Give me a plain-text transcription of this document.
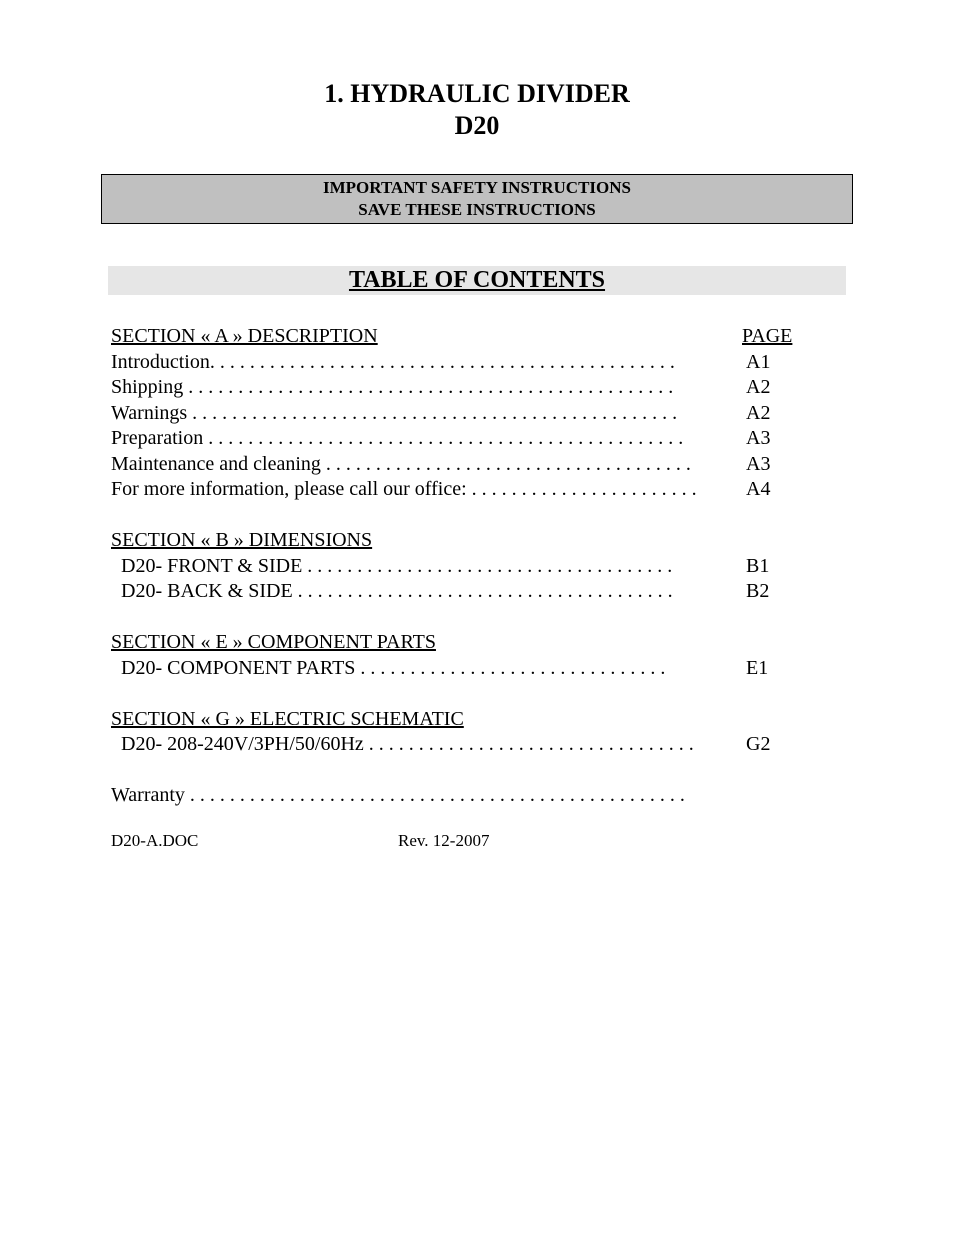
1. HYDRAULIC DIVIDER
D20
IMPORTANT SAFETY INSTRUCTIONS
SAVE THESE INSTRUCTIONS
TABLE OF CONTENTS
SECTION « A » DESCRIPTION	PAGE
Introduction. . . . . . . . . . . . . . . . . . . . . . . . . . . . . . . . . . . . . . . . . . . . . . .	A1
Shipping . . . . . . . . . . . . . . . . . . . . . . . . . . . . . . . . . . . . . . . . . . . . . . . . .	A2
Warnings . . . . . . . . . . . . . . . . . . . . . . . . . . . . . . . . . . . . . . . . . . . . . . . . .	A2
Preparation . . . . . . . . . . . . . . . . . . . . . . . . . . . . . . . . . . . . . . . . . . . . . . . .	A3
Maintenance and cleaning . . . . . . . . . . . . . . . . . . . . . . . . . . . . . . . . . . . . .	A3
For more information, please call our office: . . . . . . . . . . . . . . . . . . . . . . . A4
SECTION « B » DIMENSIONS
D20- FRONT & SIDE . . . . . . . . . . . . . . . . . . . . . . . . . . . . . . . . . . . . .	B1
D20- BACK & SIDE . . . . . . . . . . . . . . . . . . . . . . . . . . . . . . . . . . . . . .	B2
SECTION « E » COMPONENT PARTS
D20- COMPONENT PARTS . . . . . . . . . . . . . . . . . . . . . . . . . . . . . . .	E1
SECTION « G » ELECTRIC SCHEMATIC
D20- 208-240V/3PH/50/60Hz . . . . . . . . . . . . . . . . . . . . . . . . . . . . . . . . .	G2
Warranty . . . . . . . . . . . . . . . . . . . . . . . . . . . . . . . . . . . . . . . . . . . . . . . . . .
D20-A.DOC	Rev. 12-2007
